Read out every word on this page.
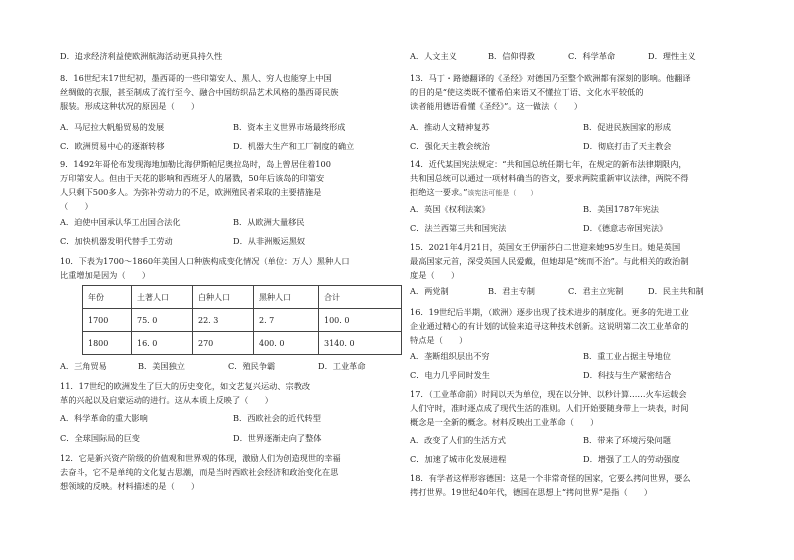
D．追求经济利益使欧洲航海活动更具持久性
8．16世纪末17世纪初，墨西哥的一些印第安人、黑人、穷人也能穿上中国
丝绸做的衣服，甚至制成了流行至今、融合中国纺织品艺术风格的墨西哥民族
服装。形成这种状况的原因是（　　）
A．马尼拉大帆船贸易的发展	B．资本主义世界市场最终形成
C．欧洲贸易中心的逐渐转移	D．机器大生产和工厂制度的确立
9．1492年哥伦布发现海地加勒比海伊斯帕尼奥拉岛时，岛上曾居住着100
万印第安人。但由于天花的影响和西班牙人的屠戮，50年后该岛的印第安
人只剩下500多人。为弥补劳动力的不足，欧洲殖民者采取的主要措施是
（　　）
A．迫使中国承认华工出国合法化	B．从欧洲大量移民
C．加快机器发明代替手工劳动	D．从非洲贩运黑奴
10．下表为1700～1860年美国人口种族构成变化情况（单位：万人）黑种人口
比重增加是因为（　　）
年份	土著人口	白种人口	黑种人口	合计
1700	75. 0	22. 3	2. 7	100. 0
1800	16. 0	270	400. 0	3140. 0
A．三角贸易	B．美国独立	C．殖民争霸	D．工业革命
11．17世纪的欧洲发生了巨大的历史变化，如文艺复兴运动、宗教改
革的兴起以及启蒙运动的进行。这从本质上反映了（　　）
A．科学革命的重大影响	B．西欧社会的近代转型
C．全球国际局的巨变	D．世界逐渐走向了整体
12．它是新兴资产阶级的价值观和世界观的体现，激励人们为创造现世的幸福
去奋斗，它不是单纯的文化复古思潮，而是当时西欧社会经济和政治变化在思
想领域的反映。材料描述的是（　　）
A．人文主义	B．信仰得救	C．科学革命	D．理性主义
13．马丁・路德翻译的《圣经》对德国乃至整个欧洲都有深刻的影响。他翻译
的目的是“使这类既不懂希伯来语又不懂拉丁语、文化水平较低的
读者能用德语看懂《圣经》”。这一做法（　　）
A．推动人文精神复苏	B．促进民族国家的形成
C．强化天主教会统治	D．彻底打击了天主教会
14．近代某国宪法规定：“共和国总统任期七年，在规定的新布法律期限内，
共和国总统可以通过一项材料确当的咨文，要求两院重新审议法律，两院不得
拒绝这一要求。”该宪法可能是（　　）
A．英国《权利法案》	B．美国1787年宪法
C．法兰西第三共和国宪法	D．《德意志帝国宪法》
15．2021年4月21日，英国女王伊丽莎白二世迎来她95岁生日。她是英国
最高国家元首，深受英国人民爱戴，但她却是“统而不治”。与此相关的政治制
度是（　　）
A．两党制	B．君主专制	C．君主立宪制	D．民主共和制
16．19世纪后半期，（欧洲）逐步出现了技术进步的制度化。更多的先进工业
企业通过精心的有计划的试验来追寻这种技术创新。这说明第二次工业革命的
特点是（　　）
A．垄断组织层出不穷	B．重工业占据主导地位
C．电力几乎同时发生	D．科技与生产紧密结合
17．（工业革命前）时间以天为单位，现在以分钟、以秒计算……火车运载会
人们守时，准时逐点成了现代生活的准则。人们开始要随身带上一块表，时间
概念是一全新的概念。材料反映出工业革命（　　）
A．改变了人们的生活方式	B．带来了环境污染问题
C．加速了城市化发展进程	D．增强了工人的劳动强度
18．有学者这样形容德国：这是一个非常奇怪的国家，它要么拷问世界，要么
拷打世界。19世纪40年代，德国在思想上“拷问世界”是指（　　）
